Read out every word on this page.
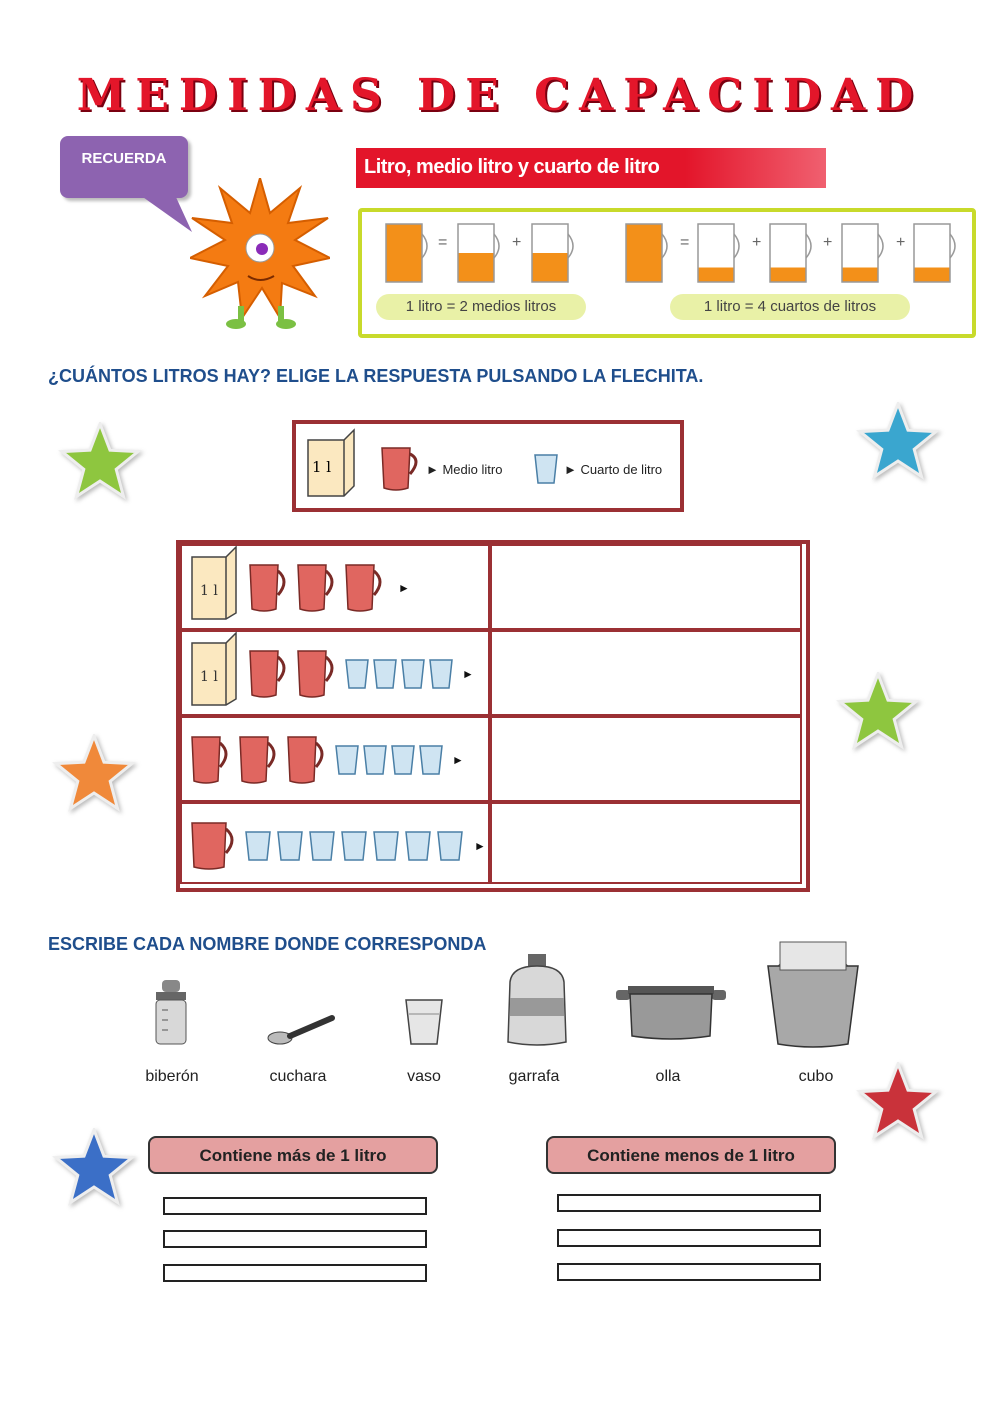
MEDIDAS DE CAPACIDAD
RECUERDA	Litro, medio litro y cuarto de litro
1 litro = 2 medios litros	1 litro = 4 cuartos de litros
=	+	=	+	+	+
¿CUÁNTOS LITROS HAY? ELIGE LA RESPUESTA PULSANDO LA FLECHITA.
1 l	► Medio litro	► Cuarto de litro
1 l	►
1 l	►
►
►
ESCRIBE CADA NOMBRE DONDE CORRESPONDA
biberón	cuchara	vaso	garrafa	olla	cubo
Contiene más de 1 litro	Contiene menos de 1 litro
